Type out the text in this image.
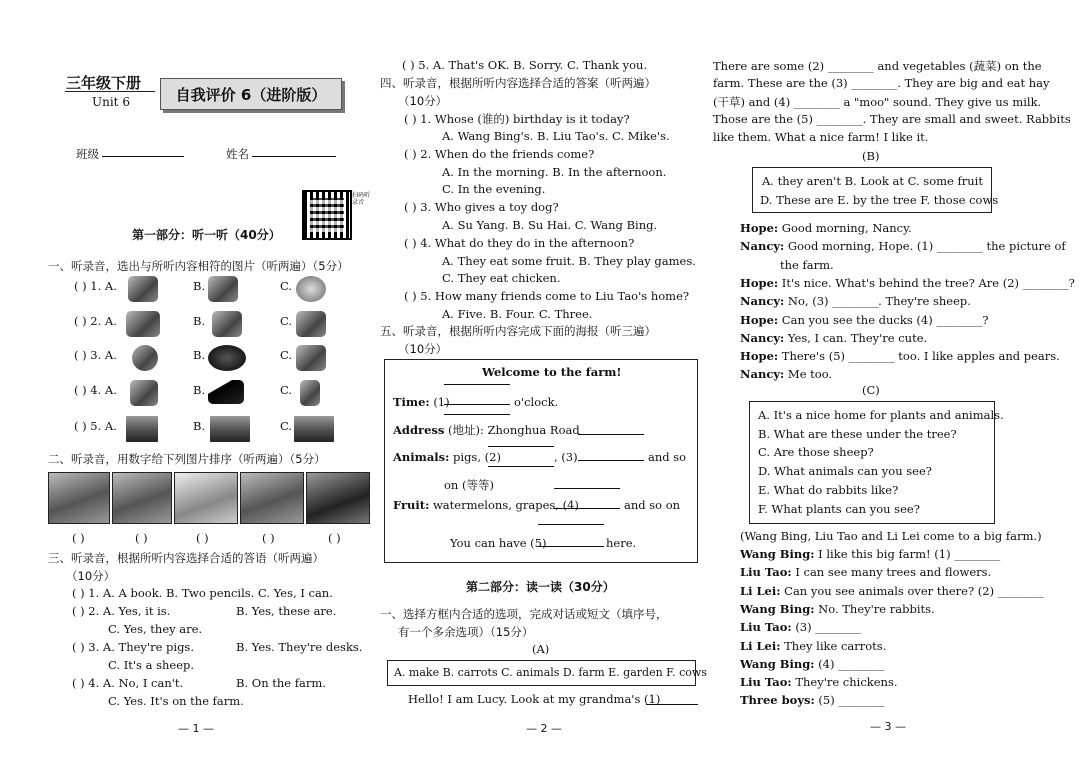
三年级下册
Unit 6	自我评价 6（进阶版）
班级	姓名
扫码听录音
第一部分：听一听（40分）
一、听录音，选出与所听内容相符的图片（听两遍）（5分）
( ) 1. A.	B.	C.
( ) 2. A.	B.	C.
( ) 3. A.	B.	C.
( ) 4. A.	B.	C.
( ) 5. A.	B.	C.
二、听录音，用数字给下列图片排序（听两遍）（5分）
( )	( )	( )	( )	( )
三、听录音，根据所听内容选择合适的答语（听两遍）
（10分）
( ) 1. A. A book. B. Two pencils. C. Yes, I can.
( ) 2. A. Yes, it is.	B. Yes, these are.
C. Yes, they are.
( ) 3. A. They're pigs.	B. Yes. They're desks.
C. It's a sheep.
( ) 4. A. No, I can't.	B. On the farm.
C. Yes. It's on the farm.
— 1 —
( ) 5. A. That's OK. B. Sorry. C. Thank you.
四、听录音，根据所听内容选择合适的答案（听两遍）
（10分）
( ) 1. Whose (谁的) birthday is it today?
A. Wang Bing's. B. Liu Tao's. C. Mike's.
( ) 2. When do the friends come?
A. In the morning. B. In the afternoon.
C. In the evening.
( ) 3. Who gives a toy dog?
A. Su Yang. B. Su Hai. C. Wang Bing.
( ) 4. What do they do in the afternoon?
A. They eat some fruit. B. They play games.
C. They eat chicken.
( ) 5. How many friends come to Liu Tao's home?
A. Five. B. Four. C. Three.
五、听录音，根据所听内容完成下面的海报（听三遍）
（10分）
Welcome to the farm!
Time: (1)	o'clock.
Address (地址): Zhonghua Road
Animals: pigs, (2)	, (3)	and so
on (等等)
Fruit: watermelons, grapes, (4)	and so on
You can have (5)	here.
第二部分：读一读（30分）
一、选择方框内合适的选项，完成对话或短文（填序号，
有一个多余选项）（15分）
(A)
A. make B. carrots C. animals D. farm E. garden F. cows
Hello! I am Lucy. Look at my grandma's (1)
— 2 —
There are some (2) ________ and vegetables (蔬菜) on the
farm. These are the (3) ________. They are big and eat hay
(干草) and (4) ________ a "moo" sound. They give us milk.
Those are the (5) ________. They are small and sweet. Rabbits
like them. What a nice farm! I like it.
(B)
A. they aren't B. Look at C. some fruit
D. These are E. by the tree F. those cows
Hope: Good morning, Nancy.
Nancy: Good morning, Hope. (1) ________ the picture of
the farm.
Hope: It's nice. What's behind the tree? Are (2) ________?
Nancy: No, (3) ________. They're sheep.
Hope: Can you see the ducks (4) ________?
Nancy: Yes, I can. They're cute.
Hope: There's (5) ________ too. I like apples and pears.
Nancy: Me too.
(C)
A. It's a nice home for plants and animals.
B. What are these under the tree?
C. Are those sheep?
D. What animals can you see?
E. What do rabbits like?
F. What plants can you see?
(Wang Bing, Liu Tao and Li Lei come to a big farm.)
Wang Bing: I like this big farm! (1) ________
Liu Tao: I can see many trees and flowers.
Li Lei: Can you see animals over there? (2) ________
Wang Bing: No. They're rabbits.
Liu Tao: (3) ________
Li Lei: They like carrots.
Wang Bing: (4) ________
Liu Tao: They're chickens.
Three boys: (5) ________
— 3 —
